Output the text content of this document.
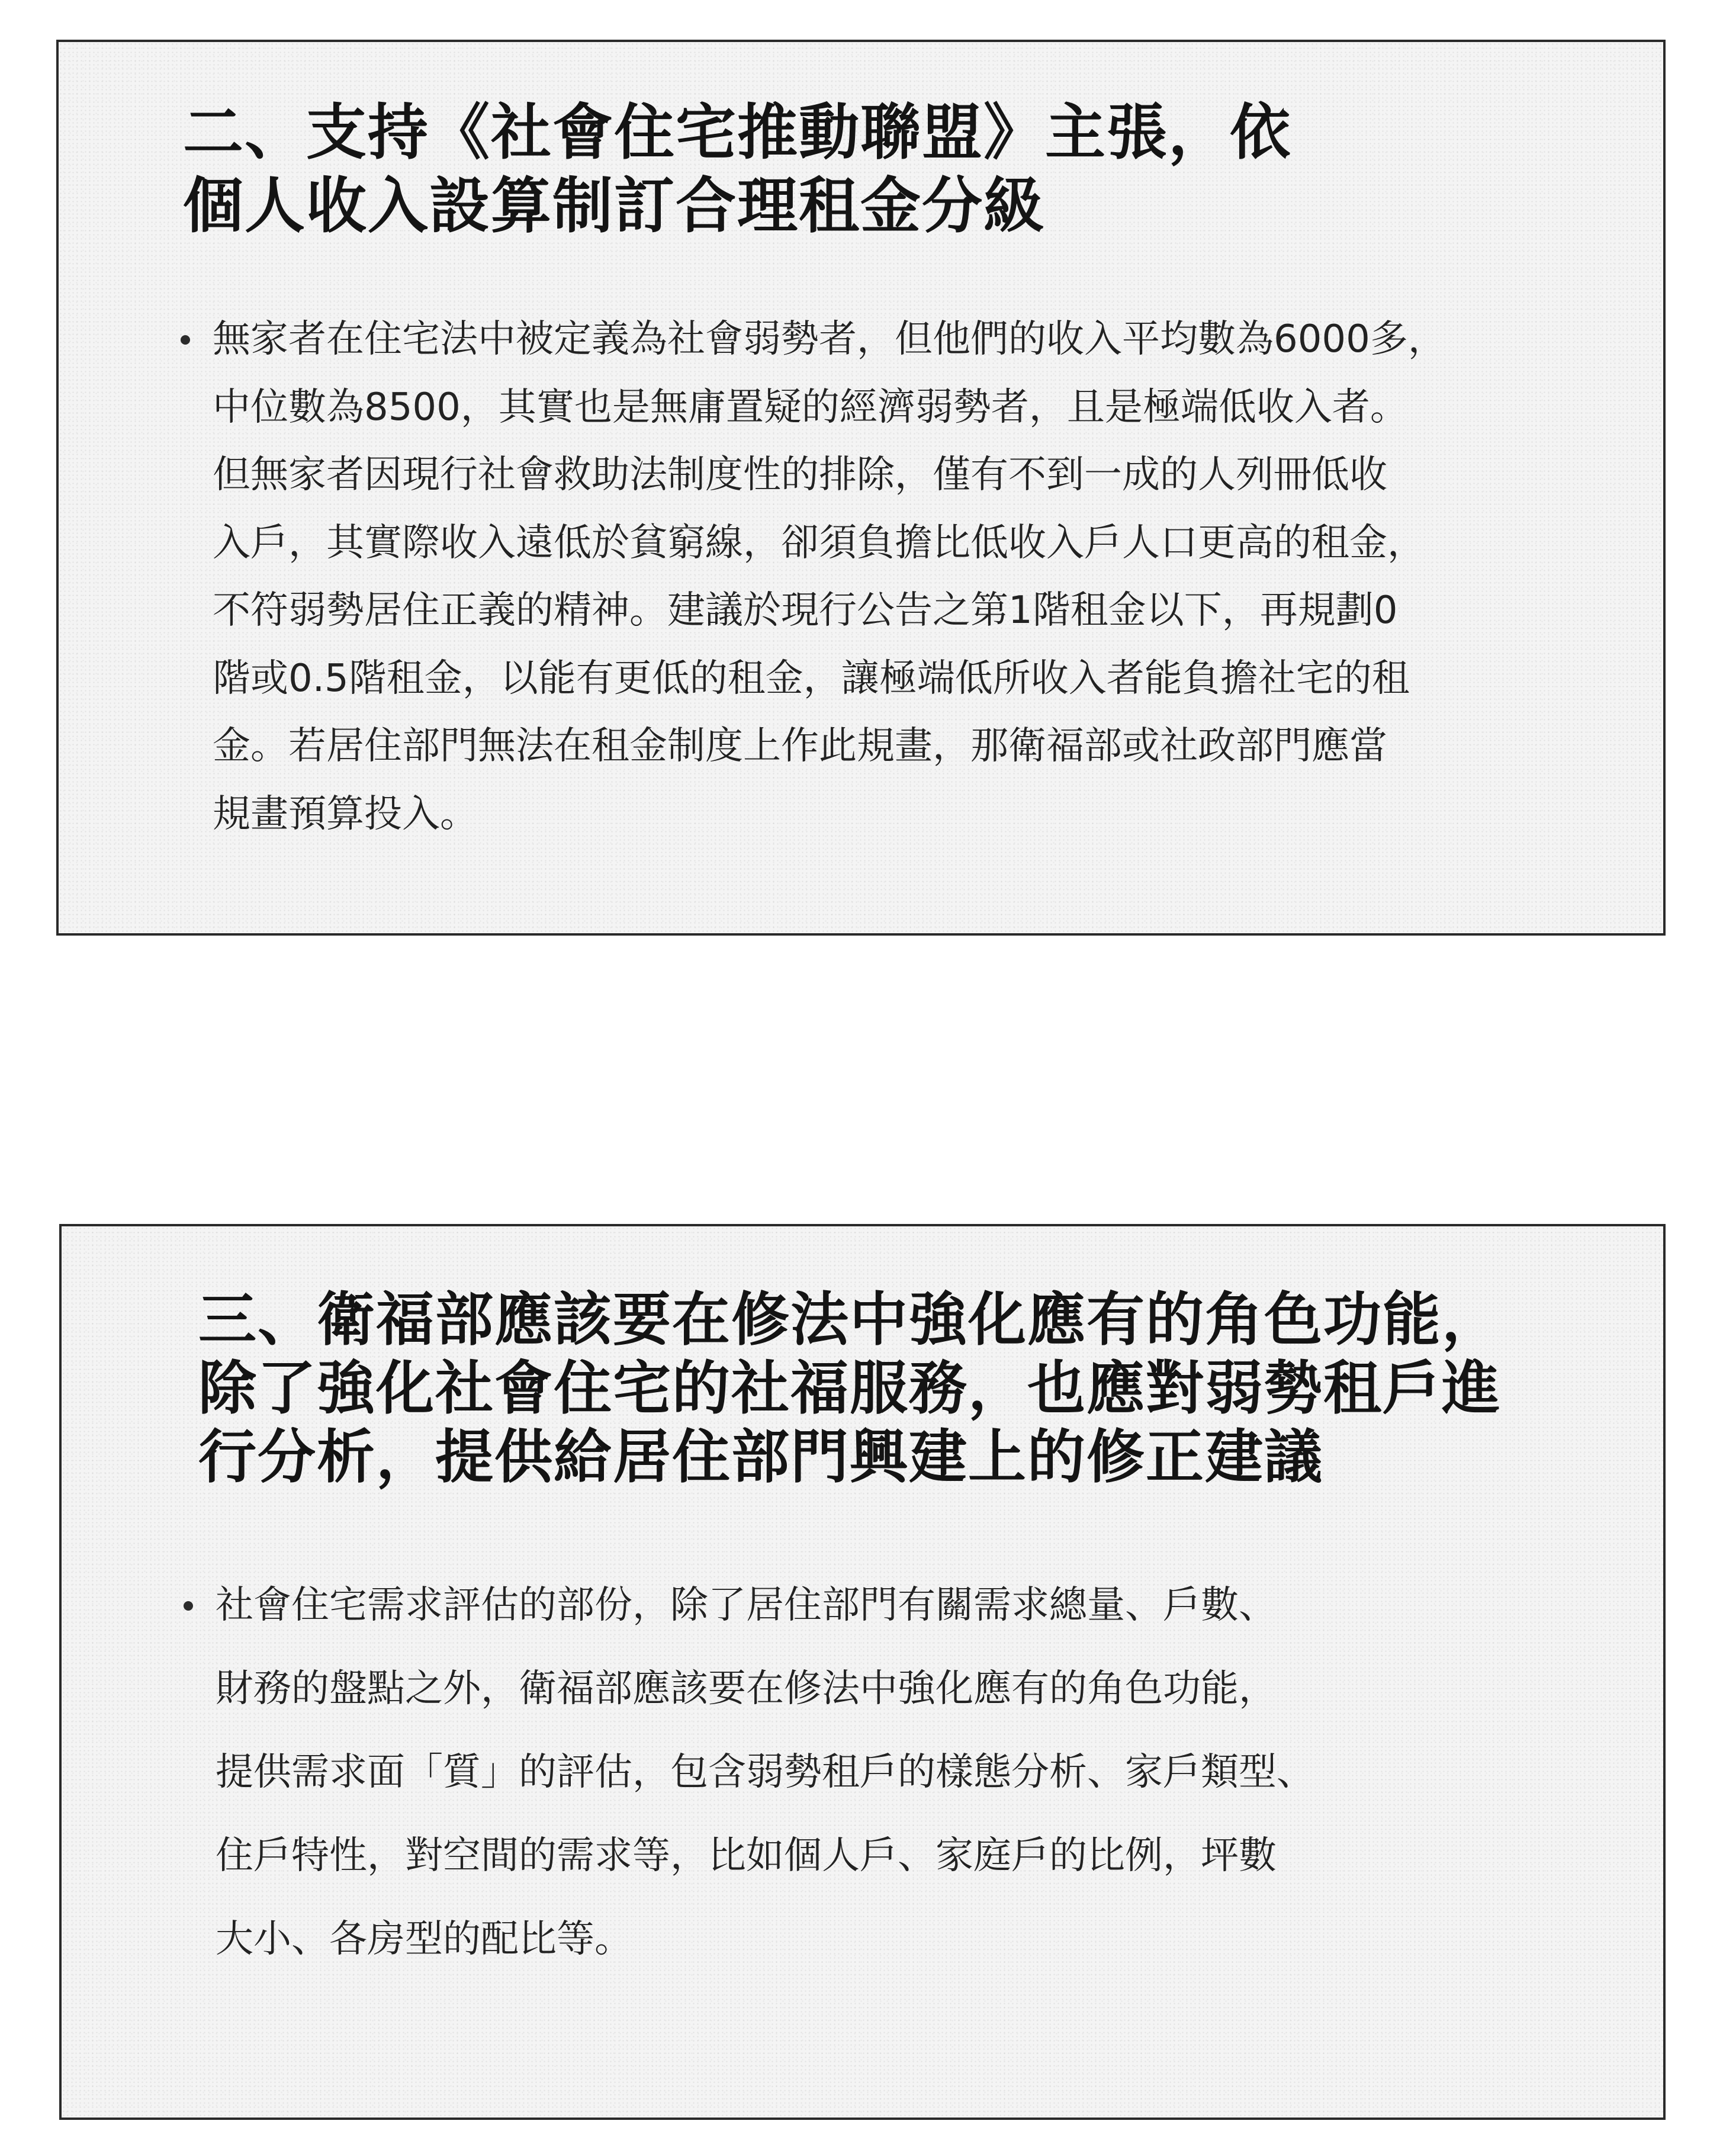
二、支持《社會住宅推動聯盟》主張，依
個人收入設算制訂合理租金分級
無家者在住宅法中被定義為社會弱勢者，但他們的收入平均數為6000多，
中位數為8500，其實也是無庸置疑的經濟弱勢者，且是極端低收入者。
但無家者因現行社會救助法制度性的排除，僅有不到一成的人列冊低收
入戶，其實際收入遠低於貧窮線，卻須負擔比低收入戶人口更高的租金，
不符弱勢居住正義的精神。建議於現行公告之第1階租金以下，再規劃0
階或0.5階租金，以能有更低的租金，讓極端低所收入者能負擔社宅的租
金。若居住部門無法在租金制度上作此規畫，那衛福部或社政部門應當
規畫預算投入。
三、衛福部應該要在修法中強化應有的角色功能，
除了強化社會住宅的社福服務，也應對弱勢租戶進
行分析，提供給居住部門興建上的修正建議
社會住宅需求評估的部份，除了居住部門有關需求總量、戶數、
財務的盤點之外，衛福部應該要在修法中強化應有的角色功能，
提供需求面「質」的評估，包含弱勢租戶的樣態分析、家戶類型、
住戶特性，對空間的需求等，比如個人戶、家庭戶的比例，坪數
大小、各房型的配比等。
